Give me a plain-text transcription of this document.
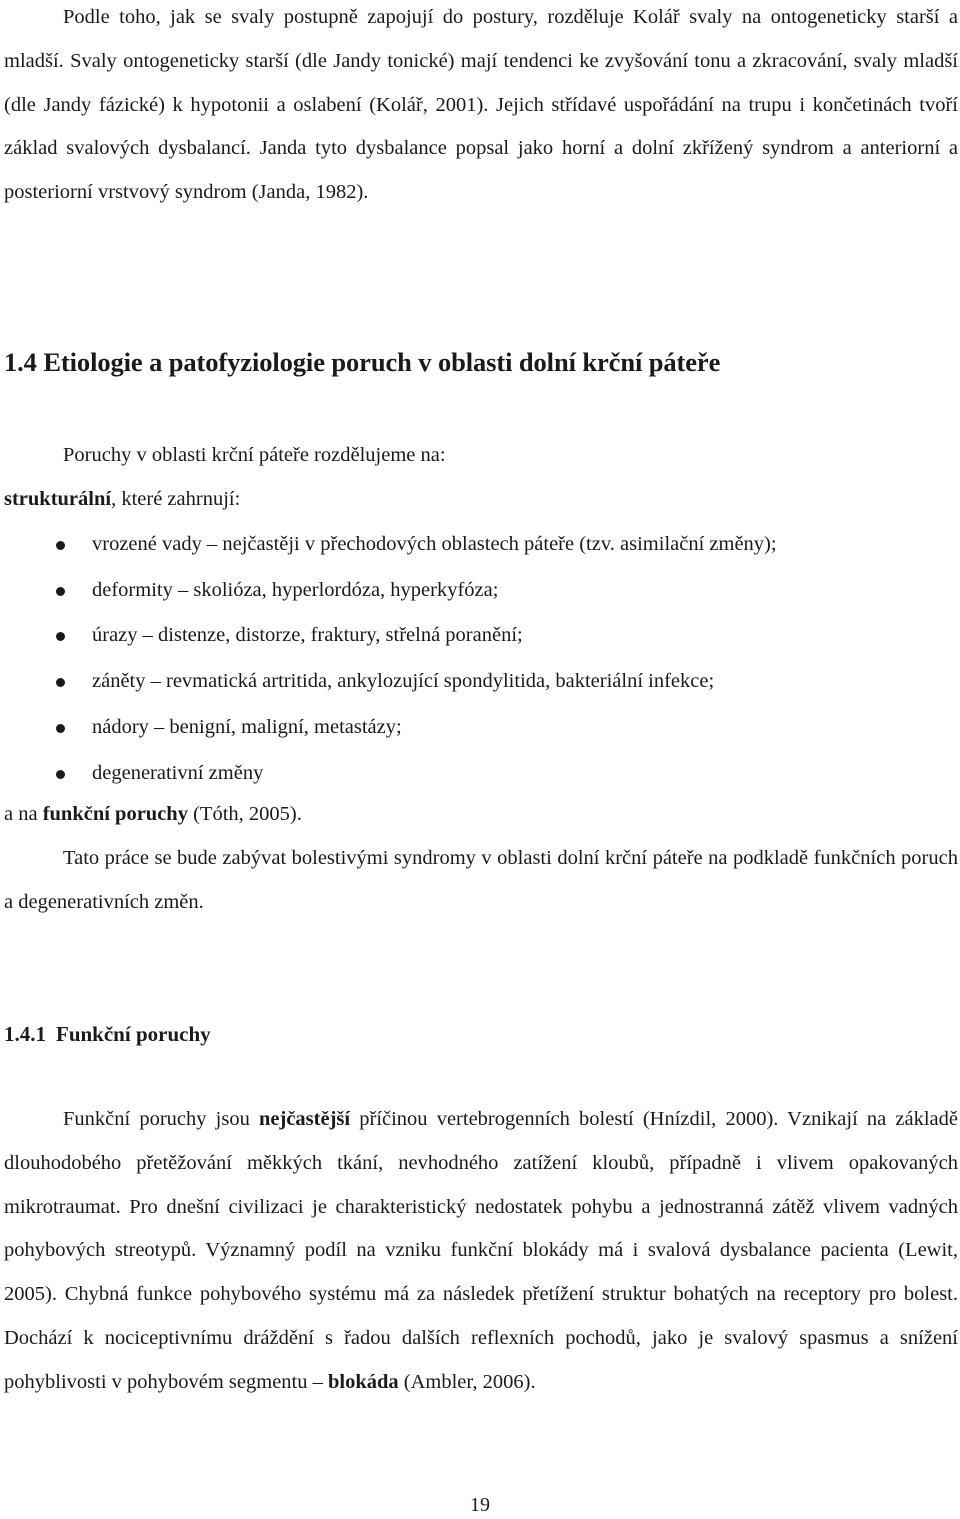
Podle toho, jak se svaly postupně zapojují do postury, rozděluje Kolář svaly na ontogeneticky starší a mladší. Svaly ontogeneticky starší (dle Jandy tonické) mají tendenci ke zvyšování tonu a zkracování, svaly mladší (dle Jandy fázické) k hypotonii a oslabení (Kolář, 2001). Jejich střídavé uspořádání na trupu i končetinách tvoří základ svalových dysbalancí. Janda tyto dysbalance popsal jako horní a dolní zkřížený syndrom a anteriorní a posteriorní vrstvový syndrom (Janda, 1982).

1.4 Etiologie a patofyziologie poruch v oblasti dolní krční páteře

Poruchy v oblasti krční páteře rozdělujeme na:

strukturální, které zahrnují:

vrozené vady – nejčastěji v přechodových oblastech páteře (tzv. asimilační změny);
deformity – skolióza, hyperlordóza, hyperkyfóza;
úrazy – distenze, distorze, fraktury, střelná poranění;
záněty – revmatická artritida, ankylozující spondylitida, bakteriální infekce;
nádory – benigní, maligní, metastázy;
degenerativní změny

a na funkční poruchy (Tóth, 2005).

Tato práce se bude zabývat bolestivými syndromy v oblasti dolní krční páteře na podkladě funkčních poruch a degenerativních změn.

1.4.1 Funkční poruchy

Funkční poruchy jsou nejčastější příčinou vertebrogenních bolestí (Hnízdil, 2000). Vznikají na základě dlouhodobého přetěžování měkkých tkání, nevhodného zatížení kloubů, případně i vlivem opakovaných mikrotraumat. Pro dnešní civilizaci je charakteristický nedostatek pohybu a jednostranná zátěž vlivem vadných pohybových streotypů. Významný podíl na vzniku funkční blokády má i svalová dysbalance pacienta (Lewit, 2005). Chybná funkce pohybového systému má za následek přetížení struktur bohatých na receptory pro bolest. Dochází k nociceptivnímu dráždění s řadou dalších reflexních pochodů, jako je svalový spasmus a snížení pohyblivosti v pohybovém segmentu – blokáda (Ambler, 2006).

19
